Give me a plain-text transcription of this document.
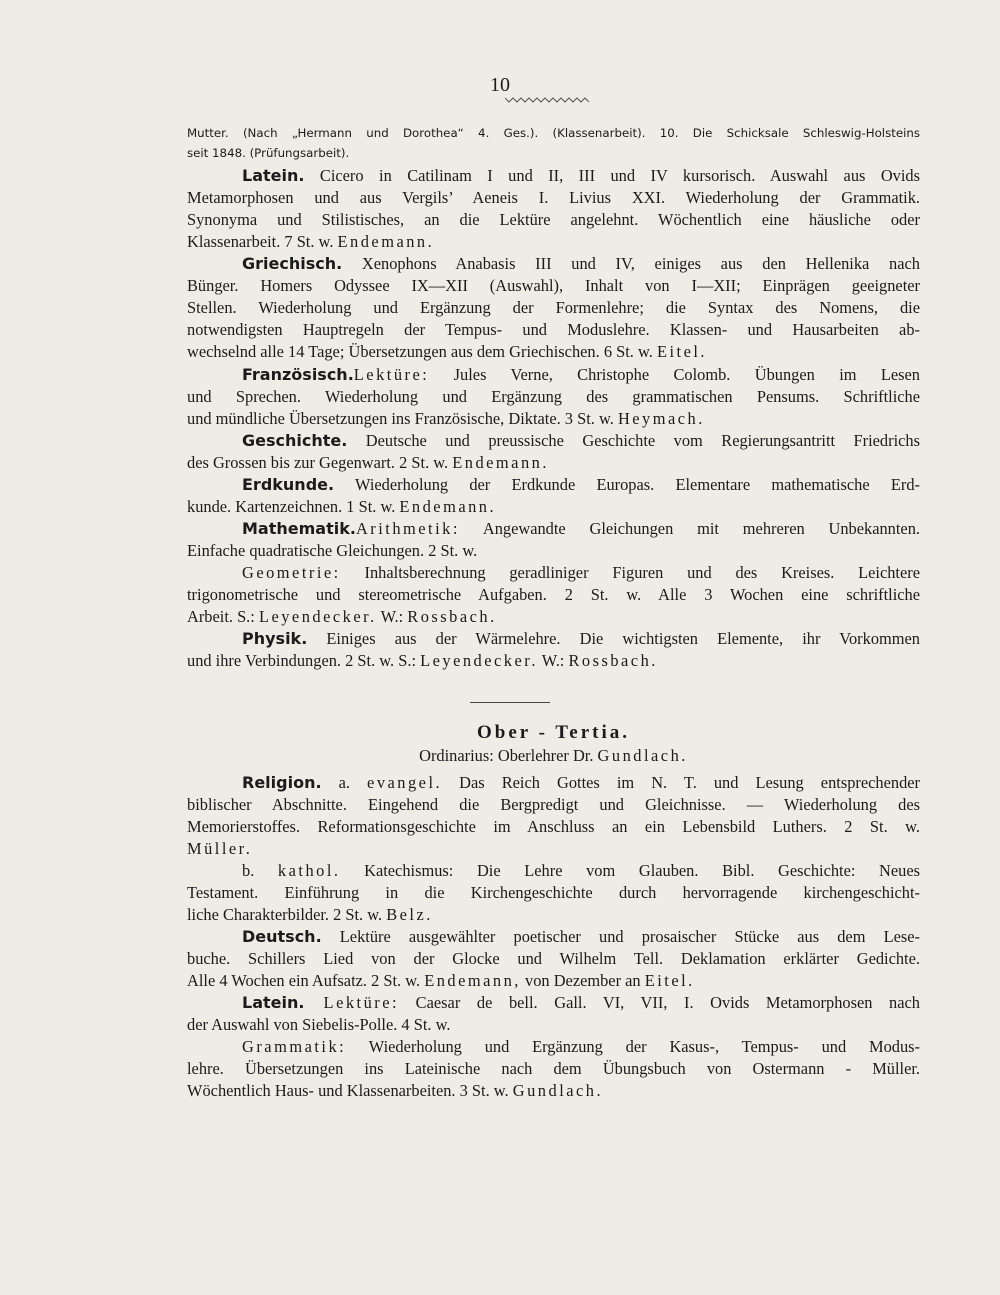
10
Mutter. (Nach „Hermann und Dorothea“ 4. Ges.). (Klassenarbeit). 10. Die Schicksale Schleswig-Holsteins
seit 1848. (Prüfungsarbeit).
Latein. Cicero in Catilinam I und II, III und IV kursorisch. Auswahl aus Ovids
Metamorphosen und aus Vergils’ Aeneis I. Livius XXI. Wiederholung der Grammatik.
Synonyma und Stilistisches, an die Lektüre angelehnt. Wöchentlich eine häusliche oder
Klassenarbeit. 7 St. w. Endemann.
Griechisch. Xenophons Anabasis III und IV, einiges aus den Hellenika nach
Bünger. Homers Odyssee IX—XII (Auswahl), Inhalt von I—XII; Einprägen geeigneter
Stellen. Wiederholung und Ergänzung der Formenlehre; die Syntax des Nomens, die
notwendigsten Hauptregeln der Tempus- und Moduslehre. Klassen- und Hausarbeiten ab-
wechselnd alle 14 Tage; Übersetzungen aus dem Griechischen. 6 St. w. Eitel.
Französisch.Lektüre: Jules Verne, Christophe Colomb. Übungen im Lesen
und Sprechen. Wiederholung und Ergänzung des grammatischen Pensums. Schriftliche
und mündliche Übersetzungen ins Französische, Diktate. 3 St. w. Heymach.
Geschichte. Deutsche und preussische Geschichte vom Regierungsantritt Friedrichs
des Grossen bis zur Gegenwart. 2 St. w. Endemann.
Erdkunde. Wiederholung der Erdkunde Europas. Elementare mathematische Erd-
kunde. Kartenzeichnen. 1 St. w. Endemann.
Mathematik.Arithmetik: Angewandte Gleichungen mit mehreren Unbekannten.
Einfache quadratische Gleichungen. 2 St. w.
Geometrie: Inhaltsberechnung geradliniger Figuren und des Kreises. Leichtere
trigonometrische und stereometrische Aufgaben. 2 St. w. Alle 3 Wochen eine schriftliche
Arbeit. S.: Leyendecker. W.: Rossbach.
Physik. Einiges aus der Wärmelehre. Die wichtigsten Elemente, ihr Vorkommen
und ihre Verbindungen. 2 St. w. S.: Leyendecker. W.: Rossbach.
Ober - Tertia.
Ordinarius: Oberlehrer Dr. Gundlach.
Religion. a. evangel. Das Reich Gottes im N. T. und Lesung entsprechender
biblischer Abschnitte. Eingehend die Bergpredigt und Gleichnisse. — Wiederholung des
Memorierstoffes. Reformationsgeschichte im Anschluss an ein Lebensbild Luthers. 2 St. w.
Müller.
b. kathol. Katechismus: Die Lehre vom Glauben. Bibl. Geschichte: Neues
Testament. Einführung in die Kirchengeschichte durch hervorragende kirchengeschicht-
liche Charakterbilder. 2 St. w. Belz.
Deutsch. Lektüre ausgewählter poetischer und prosaischer Stücke aus dem Lese-
buche. Schillers Lied von der Glocke und Wilhelm Tell. Deklamation erklärter Gedichte.
Alle 4 Wochen ein Aufsatz. 2 St. w. Endemann, von Dezember an Eitel.
Latein. Lektüre: Caesar de bell. Gall. VI, VII, I. Ovids Metamorphosen nach
der Auswahl von Siebelis-Polle. 4 St. w.
Grammatik: Wiederholung und Ergänzung der Kasus-, Tempus- und Modus-
lehre. Übersetzungen ins Lateinische nach dem Übungsbuch von Ostermann - Müller.
Wöchentlich Haus- und Klassenarbeiten. 3 St. w. Gundlach.
